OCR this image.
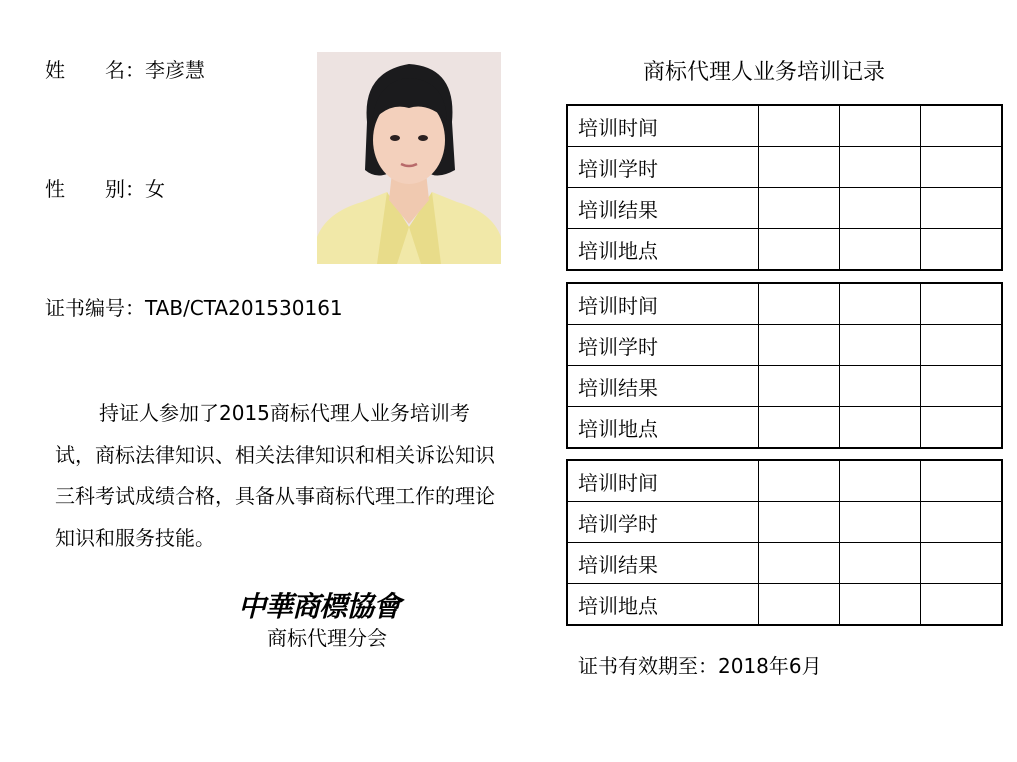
姓　　名：李彦慧
性　　别：女
证书编号：TAB/CTA201530161
持证人参加了2015商标代理人业务培训考试，商标法律知识、相关法律知识和相关诉讼知识三科考试成绩合格，具备从事商标代理工作的理论知识和服务技能。
中華商標協會
商标代理分会
商标代理人业务培训记录
培训时间			
培训学时			
培训结果			
培训地点			
培训时间			
培训学时			
培训结果			
培训地点			
培训时间			
培训学时			
培训结果			
培训地点			
证书有效期至：2018年6月
